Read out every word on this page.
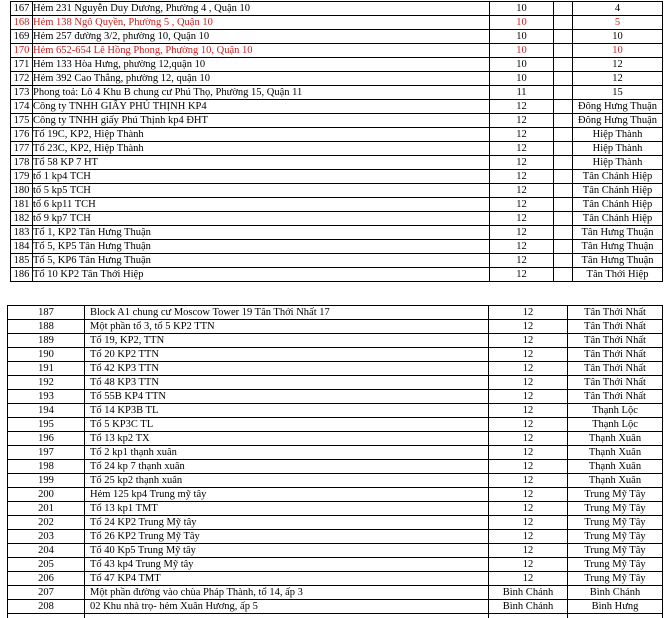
167	Hẻm 231 Nguyễn Duy Dương, Phường 4 , Quận 10	10		4
168	Hẻm 138 Ngô Quyền, Phường 5 , Quận 10	10		5
169	Hẻm 257 đường 3/2, phường 10, Quận 10	10		10
170	Hẻm 652-654 Lê Hồng Phong, Phường 10, Quận 10	10		10
171	Hẻm 133 Hòa Hưng, phường 12,quận 10	10		12
172	Hẻm 392 Cao Thắng, phường 12, quận 10	10		12
173	Phong toả: Lô 4 Khu B chung cư Phú Thọ, Phường 15, Quận 11	11		15
174	Công ty TNHH GIẤY PHÚ THỊNH KP4	12		Đông Hưng Thuận
175	Công ty TNHH giấy Phú Thịnh kp4 ĐHT	12		Đông Hưng Thuận
176	Tổ 19C, KP2, Hiệp Thành	12		Hiệp Thành
177	Tổ 23C, KP2, Hiệp Thành	12		Hiệp Thành
178	Tổ 58 KP 7 HT	12		Hiệp Thành
179	tổ 1 kp4 TCH	12		Tân Chánh Hiệp
180	tổ 5 kp5 TCH	12		Tân Chánh Hiệp
181	tổ 6 kp11 TCH	12		Tân Chánh Hiệp
182	tổ 9 kp7 TCH	12		Tân Chánh Hiệp
183	Tổ 1, KP2 Tân Hưng Thuận	12		Tân Hưng Thuận
184	Tổ 5, KP5 Tân Hưng Thuận	12		Tân Hưng Thuận
185	Tổ 5, KP6 Tân Hưng Thuận	12		Tân Hưng Thuận
186	Tổ 10 KP2 Tân Thới Hiệp	12		Tân Thới Hiệp
187	Block A1 chung cư Moscow Tower 19 Tân Thới Nhất 17	12	Tân Thới Nhất
188	Một phần tổ 3, tổ 5 KP2 TTN	12	Tân Thới Nhất
189	Tổ 19, KP2, TTN	12	Tân Thới Nhất
190	Tổ 20 KP2 TTN	12	Tân Thới Nhất
191	Tổ 42 KP3 TTN	12	Tân Thới Nhất
192	Tổ 48 KP3 TTN	12	Tân Thới Nhất
193	Tổ 55B KP4 TTN	12	Tân Thới Nhất
194	Tổ 14 KP3B TL	12	Thạnh Lộc
195	Tổ 5 KP3C TL	12	Thạnh Lộc
196	Tổ 13 kp2 TX	12	Thạnh Xuân
197	Tổ 2 kp1 thạnh xuân	12	Thạnh Xuân
198	Tổ 24 kp 7 thạnh xuân	12	Thạnh Xuân
199	Tổ 25 kp2 thạnh xuân	12	Thạnh Xuân
200	Hẻm 125 kp4 Trung mỹ tây	12	Trung Mỹ Tây
201	Tổ 13 kp1 TMT	12	Trung Mỹ Tây
202	Tổ 24 KP2 Trung Mỹ tây	12	Trung Mỹ Tây
203	Tổ 26 KP2 Trung Mỹ Tây	12	Trung Mỹ Tây
204	Tổ 40 Kp5 Trung Mỹ tây	12	Trung Mỹ Tây
205	Tổ 43 kp4 Trung Mỹ tây	12	Trung Mỹ Tây
206	Tổ 47 KP4 TMT	12	Trung Mỹ Tây
207	Một phần đường vào chùa Pháp Thành, tổ 14, ấp 3	Bình Chánh	Bình Chánh
208	02 Khu nhà trọ- hẻm Xuân Hương, ấp 5	Bình Chánh	Bình Hưng
